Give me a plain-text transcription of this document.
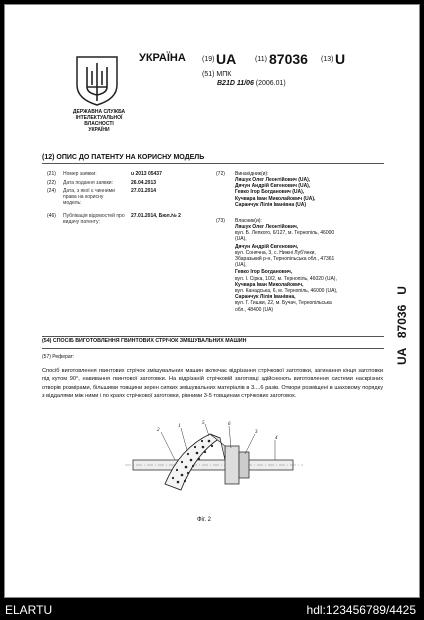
ДЕРЖАВНА СЛУЖБА
ІНТЕЛЕКТУАЛЬНОЇ
ВЛАСНОСТІ
УКРАЇНИ
УКРАЇНА (19) UA	(11) 87036 (13) U
(51) МПК
B21D 11/06 (2006.01)
(12) ОПИС ДО ПАТЕНТУ НА КОРИСНУ МОДЕЛЬ
(21)	Номер заявки:	u 2013 05437
(22)	Дата подання заявки:	26.04.2013
(24)	Дата, з якої є чинними права на корисну модель:
27.01.2014
(46)	Публікація відомостей про видачу патенту:
27.01.2014, Бюл.№ 2
(72) Винахідник(и):
Ляшук Олег Леонтійович (UA),
Дячун Андрій Євгенович (UA),
Гевко Ігор Богданович (UA),
Кучвара Іван Миколайович (UA),
Саранчук Лілія Іванівна (UA)
(73) Власник(и):
Ляшук Олег Леонтійович,
вул. Б. Лепкого, 6/127, м. Тернопіль, 46000
(UA),
Дячун Андрій Євгенович,
вул. Сонячна, 3, с. Нижні Луб'янки,
Збаразький р-н, Тернопільська обл., 47361
(UA),
Гевко Ігор Богданович,
вул. І. Сірка, 10/2, м. Тернопіль, 46020 (UA),
Кучвара Іван Миколайович,
вул. Канадська, 6, м. Тернопіль, 46000 (UA),
Саранчук Лілія Іванівна,
вул. Г. Гишки, 22, м. Бучач, Тернопільська
обл., 48400 (UA)	UA   87036   U
(54) СПОСІБ ВИГОТОВЛЕННЯ ГВИНТОВИХ СТРІЧОК ЗМІШУВАЛЬНИХ МАШИН
(57) Реферат:
Спосіб виготовлення гвинтових стрічок змішувальних машин включає відрізання стрічкової заготовки, загинання кінця заготовки під кутом 90°, навивання гвинтової заготовки. На відрізаній стрічковій заготовці здійснюють виготовлення системи наскрізних отворів розмірами, більшими товщини зерен сипких змішувальних матеріалів в 3....6 разів. Отвори розміщені в шаховому порядку з віддалями між ними і по краях стрічкової заготовки, рівними 3-5 товщинам стрічкових заготовок.
2
1
5	6
3
4
Фіг. 2
ELARTU	hdl:123456789/4425
